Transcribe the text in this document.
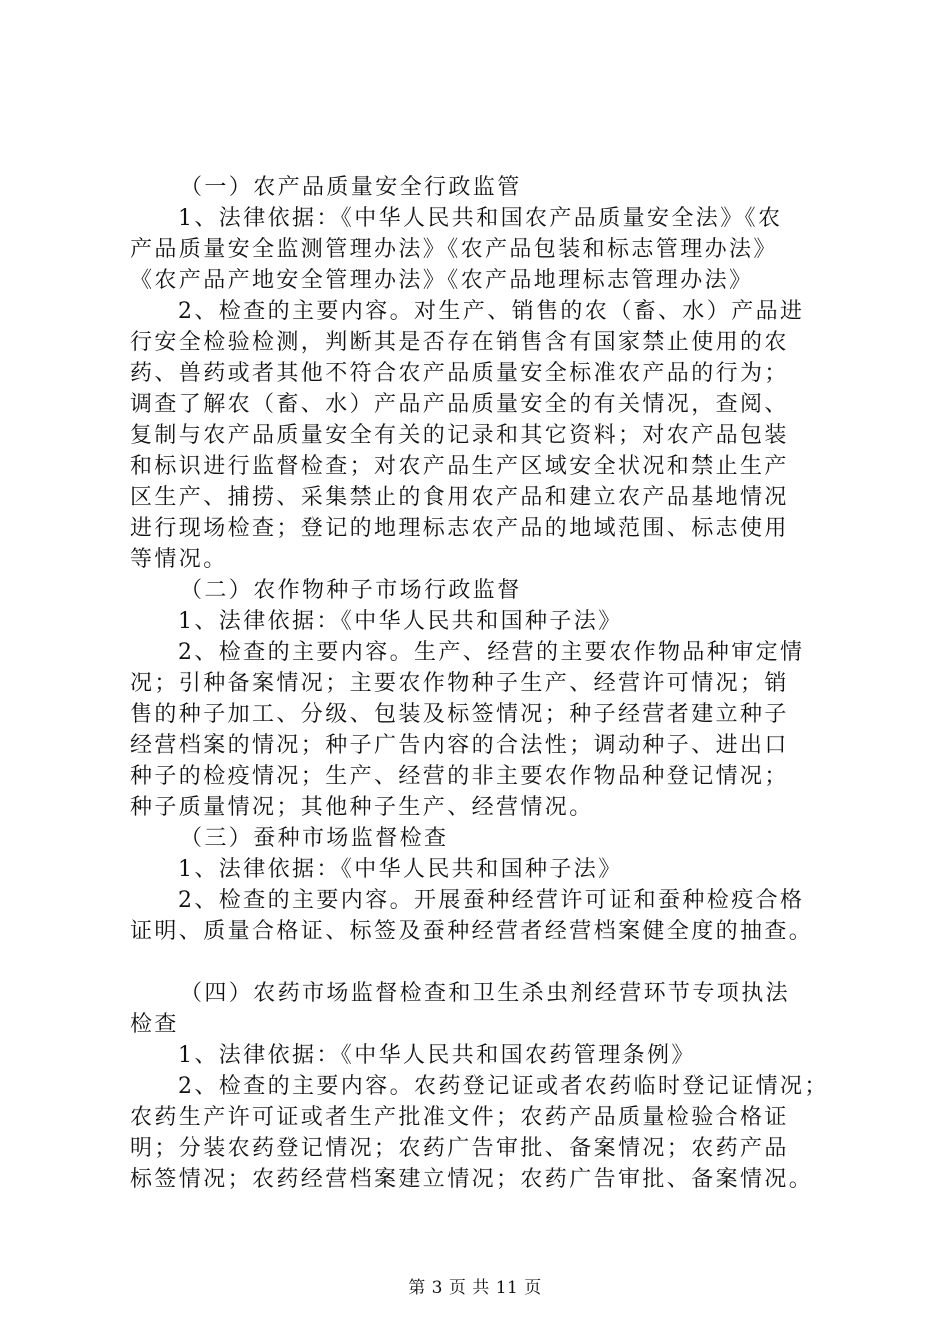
（一）农产品质量安全行政监管
1、法律依据：《中华人民共和国农产品质量安全法》《农
产品质量安全监测管理办法》《农产品包装和标志管理办法》
《农产品产地安全管理办法》《农产品地理标志管理办法》
2、检查的主要内容。对生产、销售的农（畜、水）产品进
行安全检验检测，判断其是否存在销售含有国家禁止使用的农
药、兽药或者其他不符合农产品质量安全标准农产品的行为；
调查了解农（畜、水）产品产品质量安全的有关情况，查阅、
复制与农产品质量安全有关的记录和其它资料；对农产品包装
和标识进行监督检查；对农产品生产区域安全状况和禁止生产
区生产、捕捞、采集禁止的食用农产品和建立农产品基地情况
进行现场检查；登记的地理标志农产品的地域范围、标志使用
等情况。
（二）农作物种子市场行政监督
1、法律依据：《中华人民共和国种子法》
2、检查的主要内容。生产、经营的主要农作物品种审定情
况；引种备案情况；主要农作物种子生产、经营许可情况；销
售的种子加工、分级、包装及标签情况；种子经营者建立种子
经营档案的情况；种子广告内容的合法性；调动种子、进出口
种子的检疫情况；生产、经营的非主要农作物品种登记情况；
种子质量情况；其他种子生产、经营情况。
（三）蚕种市场监督检查
1、法律依据：《中华人民共和国种子法》
2、检查的主要内容。开展蚕种经营许可证和蚕种检疫合格
证明、质量合格证、标签及蚕种经营者经营档案健全度的抽查。
（四）农药市场监督检查和卫生杀虫剂经营环节专项执法
检查
1、法律依据：《中华人民共和国农药管理条例》
2、检查的主要内容。农药登记证或者农药临时登记证情况；
农药生产许可证或者生产批准文件；农药产品质量检验合格证
明；分装农药登记情况；农药广告审批、备案情况；农药产品
标签情况；农药经营档案建立情况；农药广告审批、备案情况。
第 3 页 共 11 页
